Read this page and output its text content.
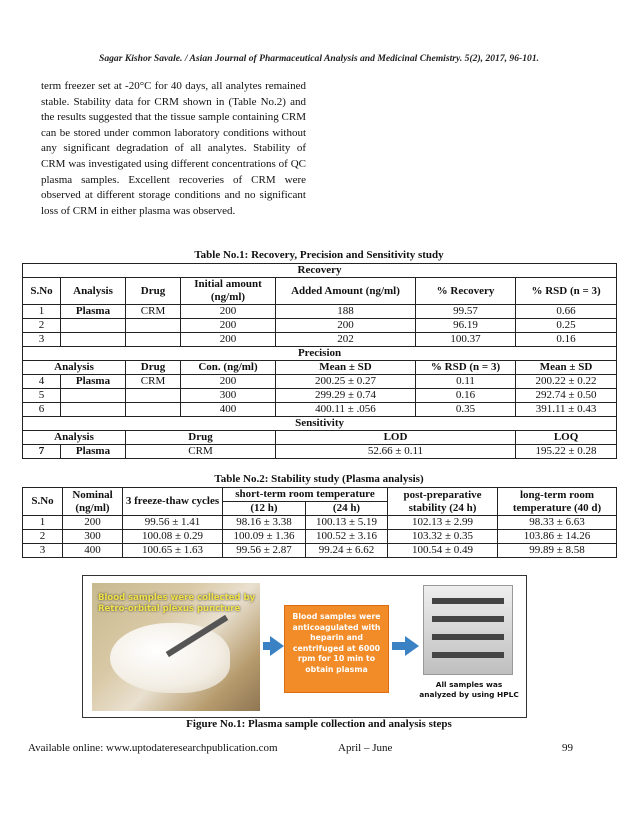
Sagar Kishor Savale. / Asian Journal of Pharmaceutical Analysis and Medicinal Chemistry. 5(2), 2017, 96-101.
term freezer set at -20°C for 40 days, all analytes remained stable. Stability data for CRM shown in (Table No.2) and the results suggested that the tissue sample containing CRM can be stored under common laboratory conditions without any significant degradation of all analytes. Stability of CRM was investigated using different concentrations of QC plasma samples. Excellent recoveries of CRM were observed at different storage conditions and no significant loss of CRM in either plasma was observed.
Table No.1: Recovery, Precision and Sensitivity study
Recovery						
S.No	Analysis	Drug	Initial amount (ng/ml)	Added Amount (ng/ml)	% Recovery	% RSD (n = 3)
1	Plasma	CRM	200	188	99.57	0.66
2			200	200	96.19	0.25
3			200	202	100.37	0.16
Precision						
Analysis		Drug	Con. (ng/ml)	Mean ± SD	% RSD (n = 3)	Mean ± SD
4	Plasma	CRM	200	200.25 ± 0.27	0.11	200.22 ± 0.22
5			300	299.29 ± 0.74	0.16	292.74 ± 0.50
6			400	400.11 ± .056	0.35	391.11 ± 0.43
Sensitivity						
Analysis		Drug		LOD		LOQ
7	Plasma	CRM		52.66 ± 0.11		195.22 ± 0.28
Table No.2: Stability study (Plasma analysis)
S.No	Nominal (ng/ml)	3 freeze-thaw cycles	short-term room temperature		post-preparative stability (24 h)	long-term room temperature (40 d)
			(12 h)	(24 h)		
1	200	99.56 ± 1.41	98.16 ± 3.38	100.13 ± 5.19	102.13 ± 2.99	98.33 ± 6.63
2	300	100.08 ± 0.29	100.09 ± 1.36	100.52 ± 3.16	103.32 ± 0.35	103.86 ± 14.26
3	400	100.65 ± 1.63	99.56 ± 2.87	99.24 ± 6.62	100.54 ± 0.49	99.89 ± 8.58
Blood samples were collected by Retro-orbital plexus puncture
Blood samples were anticoagulated with heparin and centrifuged at 6000 rpm for 10 min to obtain plasma
All samples was analyzed by using HPLC
Figure No.1: Plasma sample collection and analysis steps
Available online: www.uptodateresearchpublication.com	April – June	99
